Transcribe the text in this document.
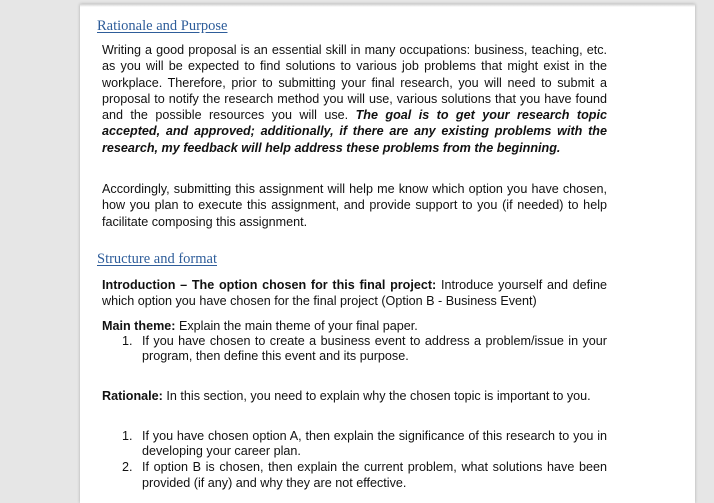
Rationale and Purpose
Writing a good proposal is an essential skill in many occupations: business, teaching, etc. as you will be expected to find solutions to various job problems that might exist in the workplace. Therefore, prior to submitting your final research, you will need to submit a proposal to notify the research method you will use, various solutions that you have found and the possible resources you will use. The goal is to get your research topic accepted, and approved; additionally, if there are any existing problems with the research, my feedback will help address these problems from the beginning.
Accordingly, submitting this assignment will help me know which option you have chosen, how you plan to execute this assignment, and provide support to you (if needed) to help facilitate composing this assignment.
Structure and format
Introduction – The option chosen for this final project: Introduce yourself and define which option you have chosen for the final project (Option B - Business Event)
Main theme: Explain the main theme of your final paper.
1. If you have chosen to create a business event to address a problem/issue in your program, then define this event and its purpose.
Rationale: In this section, you need to explain why the chosen topic is important to you.
1. If you have chosen option A, then explain the significance of this research to you in developing your career plan.
2. If option B is chosen, then explain the current problem, what solutions have been provided (if any) and why they are not effective.
